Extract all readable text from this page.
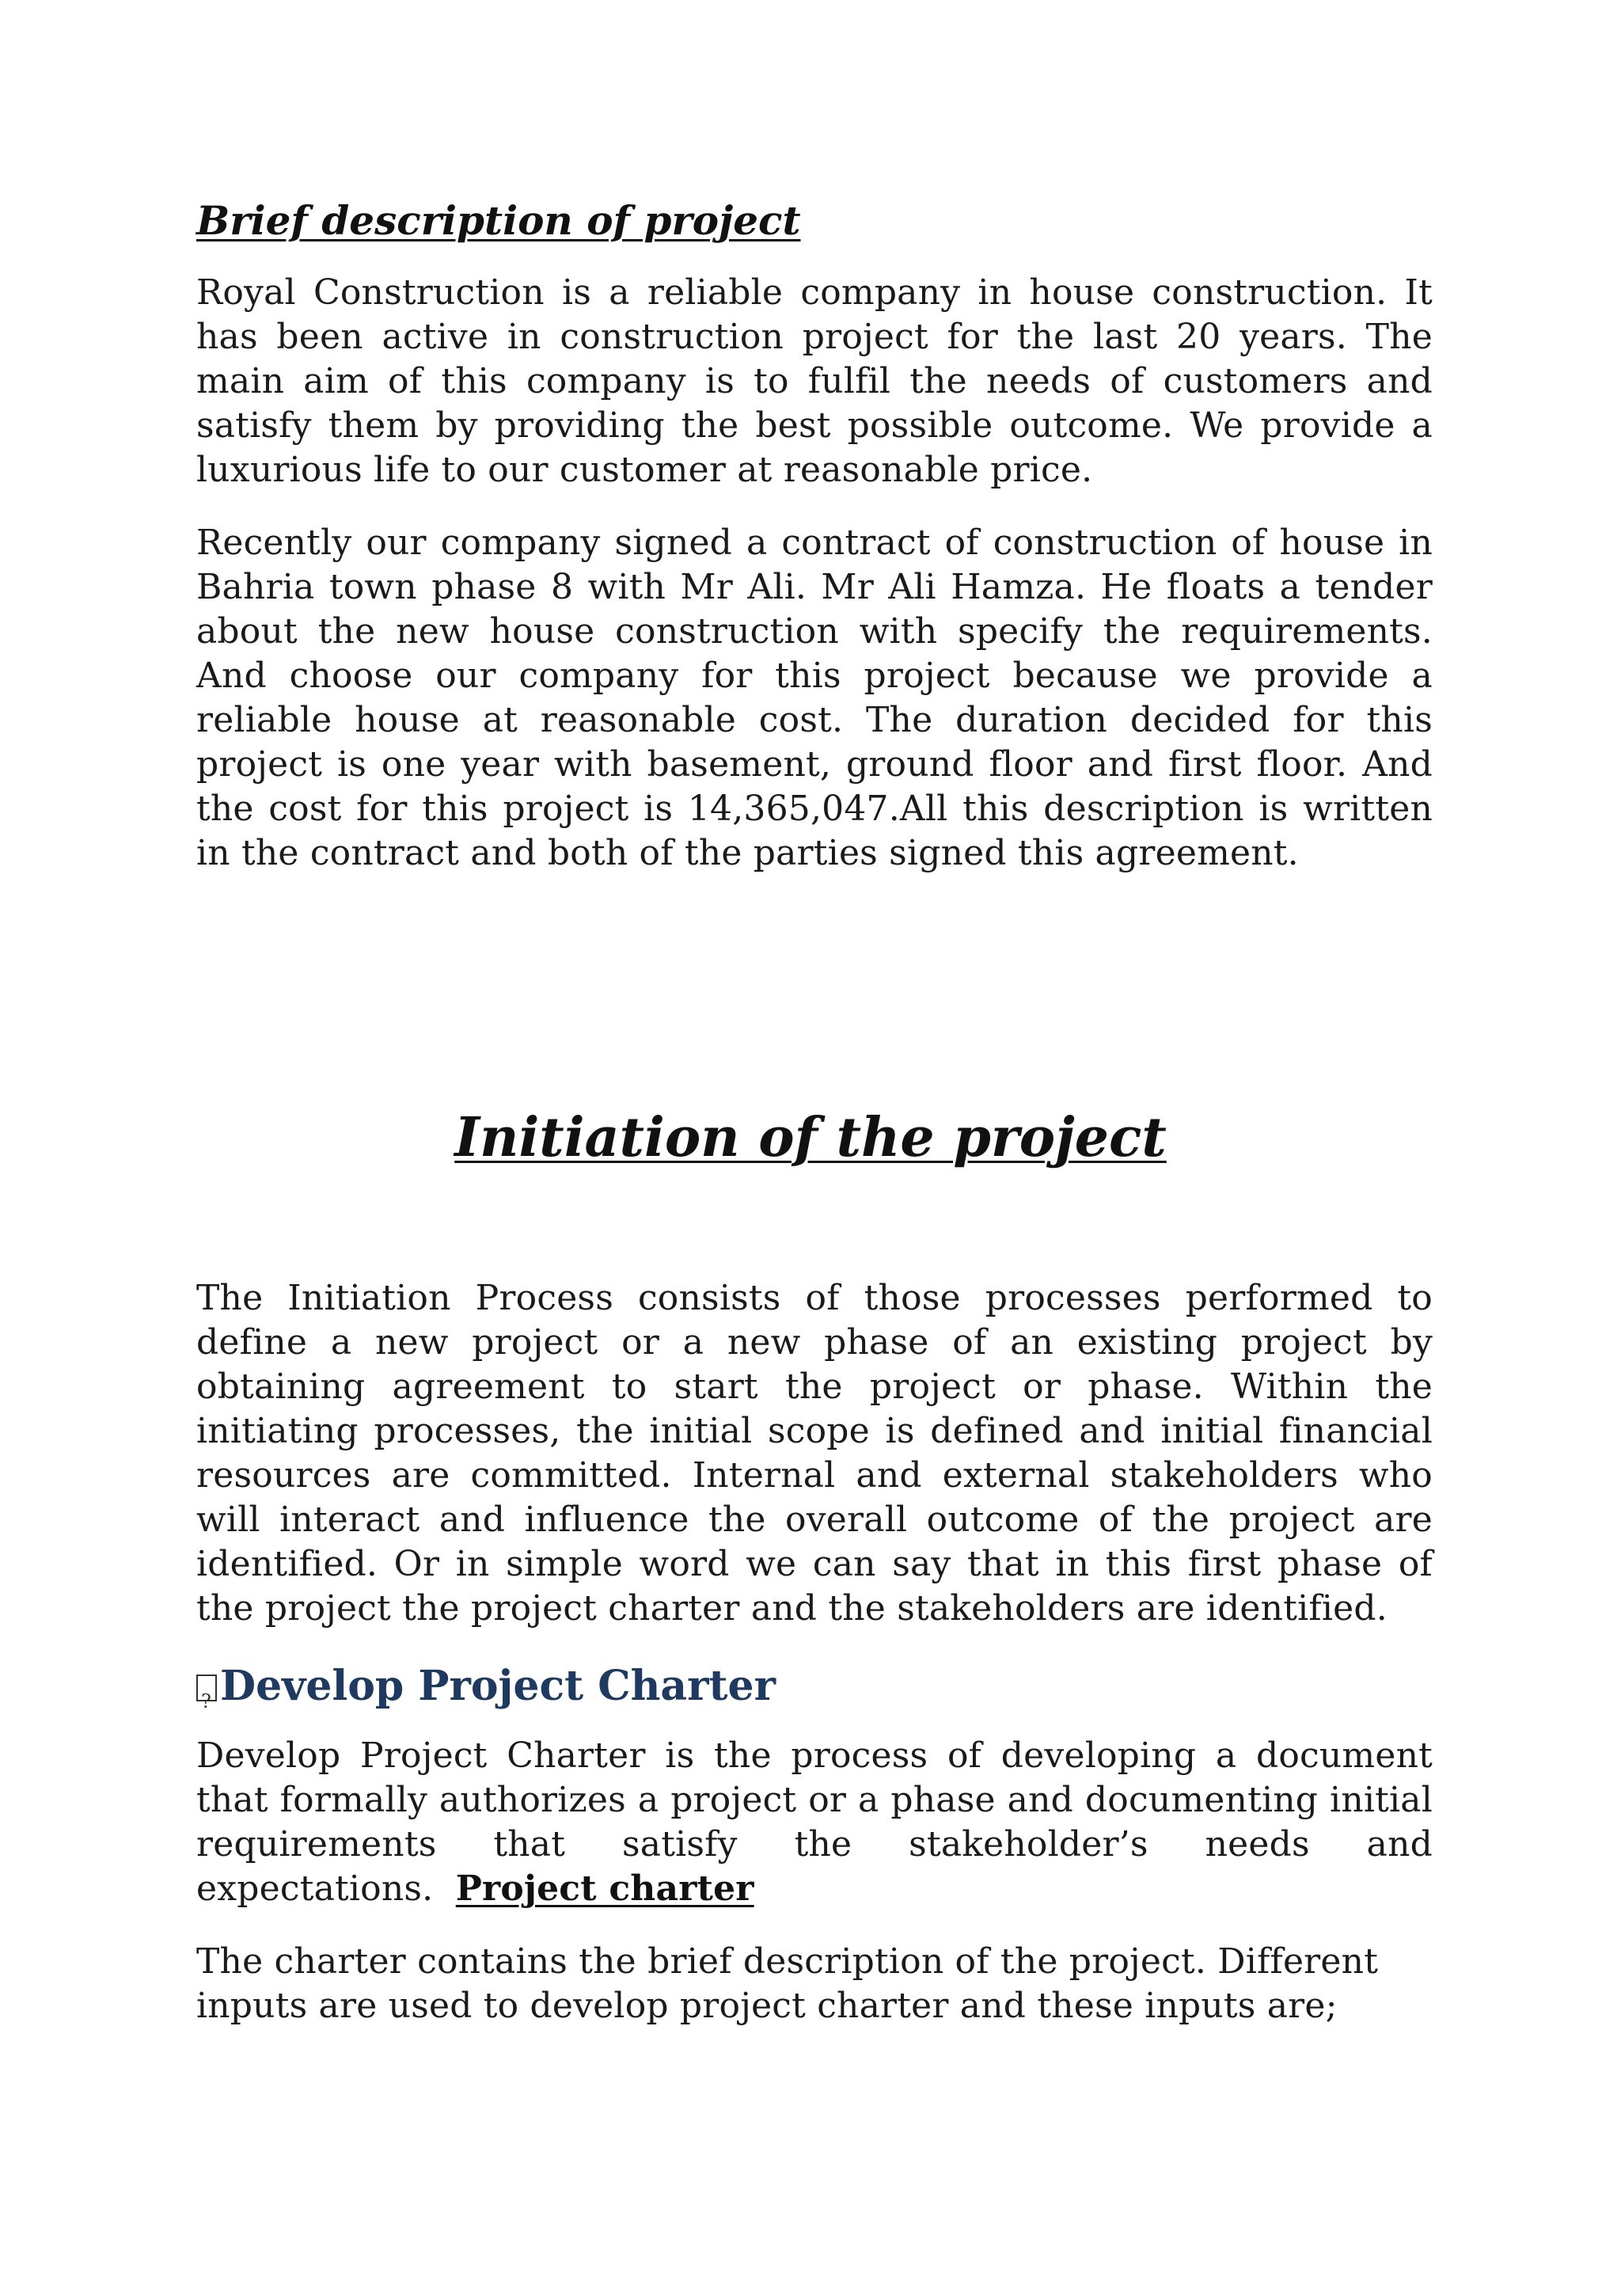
Brief description of project

Royal Construction is a reliable company in house construction. It has been active in construction project for the last 20 years. The main aim of this company is to fulfil the needs of customers and satisfy them by providing the best possible outcome. We provide a luxurious life to our customer at reasonable price.

Recently our company signed a contract of construction of house in Bahria town phase 8 with Mr Ali. Mr Ali Hamza. He floats a tender about the new house construction with specify the requirements. And choose our company for this project because we provide a reliable house at reasonable cost. The duration decided for this project is one year with basement, ground floor and first floor. And the cost for this project is 14,365,047.All this description is written in the contract and both of the parties signed this agreement.

Initiation of the project

The Initiation Process consists of those processes performed to define a new project or a new phase of an existing project by obtaining agreement to start the project or phase. Within the initiating processes, the initial scope is defined and initial financial resources are committed. Internal and external stakeholders who will interact and influence the overall outcome of the project are identified. Or in simple word we can say that in this first phase of the project the project charter and the stakeholders are identified.

?
Develop Project Charter

Develop Project Charter is the process of developing a document that formally authorizes a project or a phase and documenting initial requirements that satisfy the stakeholder’s needs and expectations. Project charter

The charter contains the brief description of the project. Different inputs are used to develop project charter and these inputs are;
